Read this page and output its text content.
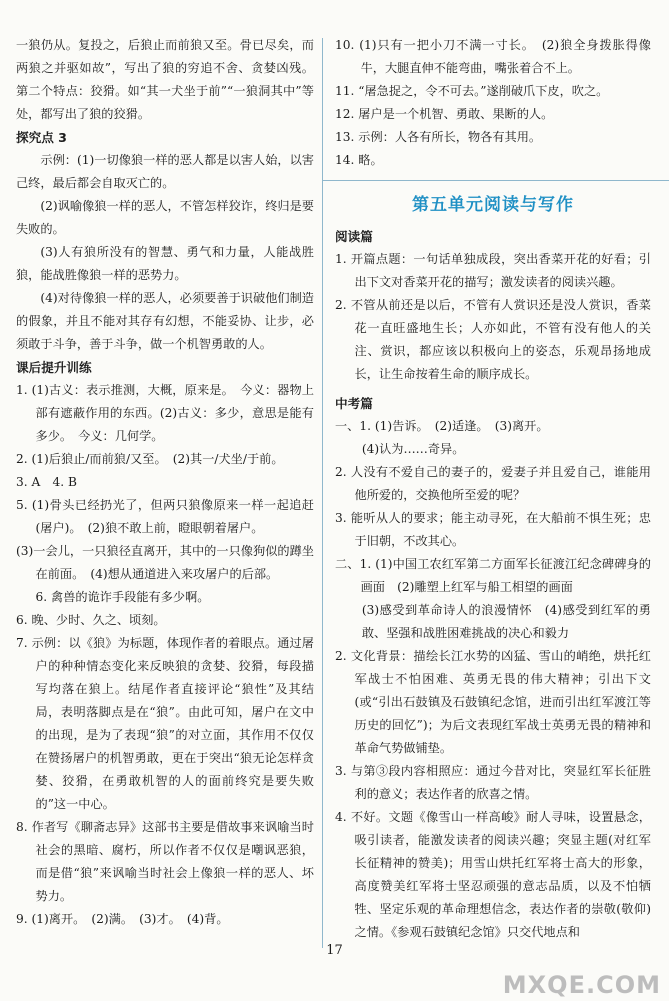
一狼仍从。复投之，后狼止而前狼又至。骨已尽矣，而两狼之并驱如故”，写出了狼的穷追不舍、贪婪凶残。第二个特点：狡猾。如“其一犬坐于前”“一狼洞其中”等处，都写出了狼的狡猾。

探究点 3

示例：(1)一切像狼一样的恶人都是以害人始，以害己终，最后都会自取灭亡的。

(2)讽喻像狼一样的恶人，不管怎样狡诈，终归是要失败的。

(3)人有狼所没有的智慧、勇气和力量，人能战胜狼，能战胜像狼一样的恶势力。

(4)对待像狼一样的恶人，必须要善于识破他们制造的假象，并且不能对其存有幻想，不能妥协、让步，必须敢于斗争，善于斗争，做一个机智勇敢的人。

课后提升训练

1. (1)古义：表示推测，大概，原来是。　今义：器物上部有遮蔽作用的东西。(2)古义：多少，意思是能有多少。　今义：几何学。

2. (1)后狼止/而前狼/又至。　(2)其一/犬坐/于前。

3. A　4. B

5. (1)骨头已经扔光了，但两只狼像原来一样一起追赶(屠户)。　(2)狼不敢上前，瞪眼朝着屠户。

(3)一会儿，一只狼径直离开，其中的一只像狗似的蹲坐在前面。　(4)想从通道进入来攻屠户的后部。

6. 禽兽的诡诈手段能有多少啊。

6. 晚、少时、久之、顷刻。

7. 示例：以《狼》为标题，体现作者的着眼点。通过屠户的种种情态变化来反映狼的贪婪、狡猾，每段描写均落在狼上。结尾作者直接评论“狼性”及其结局，表明落脚点是在“狼”。由此可知，屠户在文中的出现，是为了表现“狼”的对立面，其作用不仅仅在赞扬屠户的机智勇敢，更在于突出“狼无论怎样贪婪、狡猾，在勇敢机智的人的面前终究是要失败的”这一中心。

8. 作者写《聊斋志异》这部书主要是借故事来讽喻当时社会的黑暗、腐朽，所以作者不仅仅是嘲讽恶狼，而是借“狼”来讽喻当时社会上像狼一样的恶人、坏势力。

9. (1)离开。　(2)满。　(3)才。　(4)背。

10. (1)只有一把小刀不满一寸长。　(2)狼全身拨胀得像牛，大腿直伸不能弯曲，嘴张着合不上。

11. “屠急捉之，令不可去。”遂削破爪下皮，吹之。

12. 屠户是一个机智、勇敢、果断的人。

13. 示例：人各有所长，物各有其用。

14. 略。

第五单元阅读与写作

阅读篇

1. 开篇点题：一句话单独成段，突出香菜开花的好看；引出下文对香菜开花的描写；激发读者的阅读兴趣。

2. 不管从前还是以后，不管有人赏识还是没人赏识，香菜花一直旺盛地生长；人亦如此，不管有没有他人的关注、赏识，都应该以积极向上的姿态，乐观昂扬地成长，让生命按着生命的顺序成长。

中考篇

一、1. (1)告诉。　(2)适逢。　(3)离开。

(4)认为……奇异。

2. 人没有不爱自己的妻子的，爱妻子并且爱自己，谁能用他所爱的，交换他所至爱的呢？

3. 能听从人的要求；能主动寻死，在大船前不惧生死；忠于旧朝，不改其心。

二、1. (1)中国工农红军第二方面军长征渡江纪念碑碑身的画面　(2)雕塑上红军与船工相望的画面

(3)感受到革命诗人的浪漫情怀　(4)感受到红军的勇敢、坚强和战胜困难挑战的决心和毅力

2. 文化背景：描绘长江水势的凶猛、雪山的峭绝，烘托红军战士不怕困难、英勇无畏的伟大精神；引出下文(或“引出石鼓镇及石鼓镇纪念馆，进而引出红军渡江等历史的回忆”)；为后文表现红军战士英勇无畏的精神和革命气势做铺垫。

3. 与第③段内容相照应：通过今昔对比，突显红军长征胜利的意义；表达作者的欣喜之情。

4. 不好。文题《像雪山一样高峻》耐人寻味，设置悬念，吸引读者，能激发读者的阅读兴趣；突显主题(对红军长征精神的赞美)；用雪山烘托红军将士高大的形象，高度赞美红军将士坚忍顽强的意志品质，以及不怕牺牲、坚定乐观的革命理想信念，表达作者的崇敬(敬仰)之情。《参观石鼓镇纪念馆》只交代地点和

17
MXQE.COM
